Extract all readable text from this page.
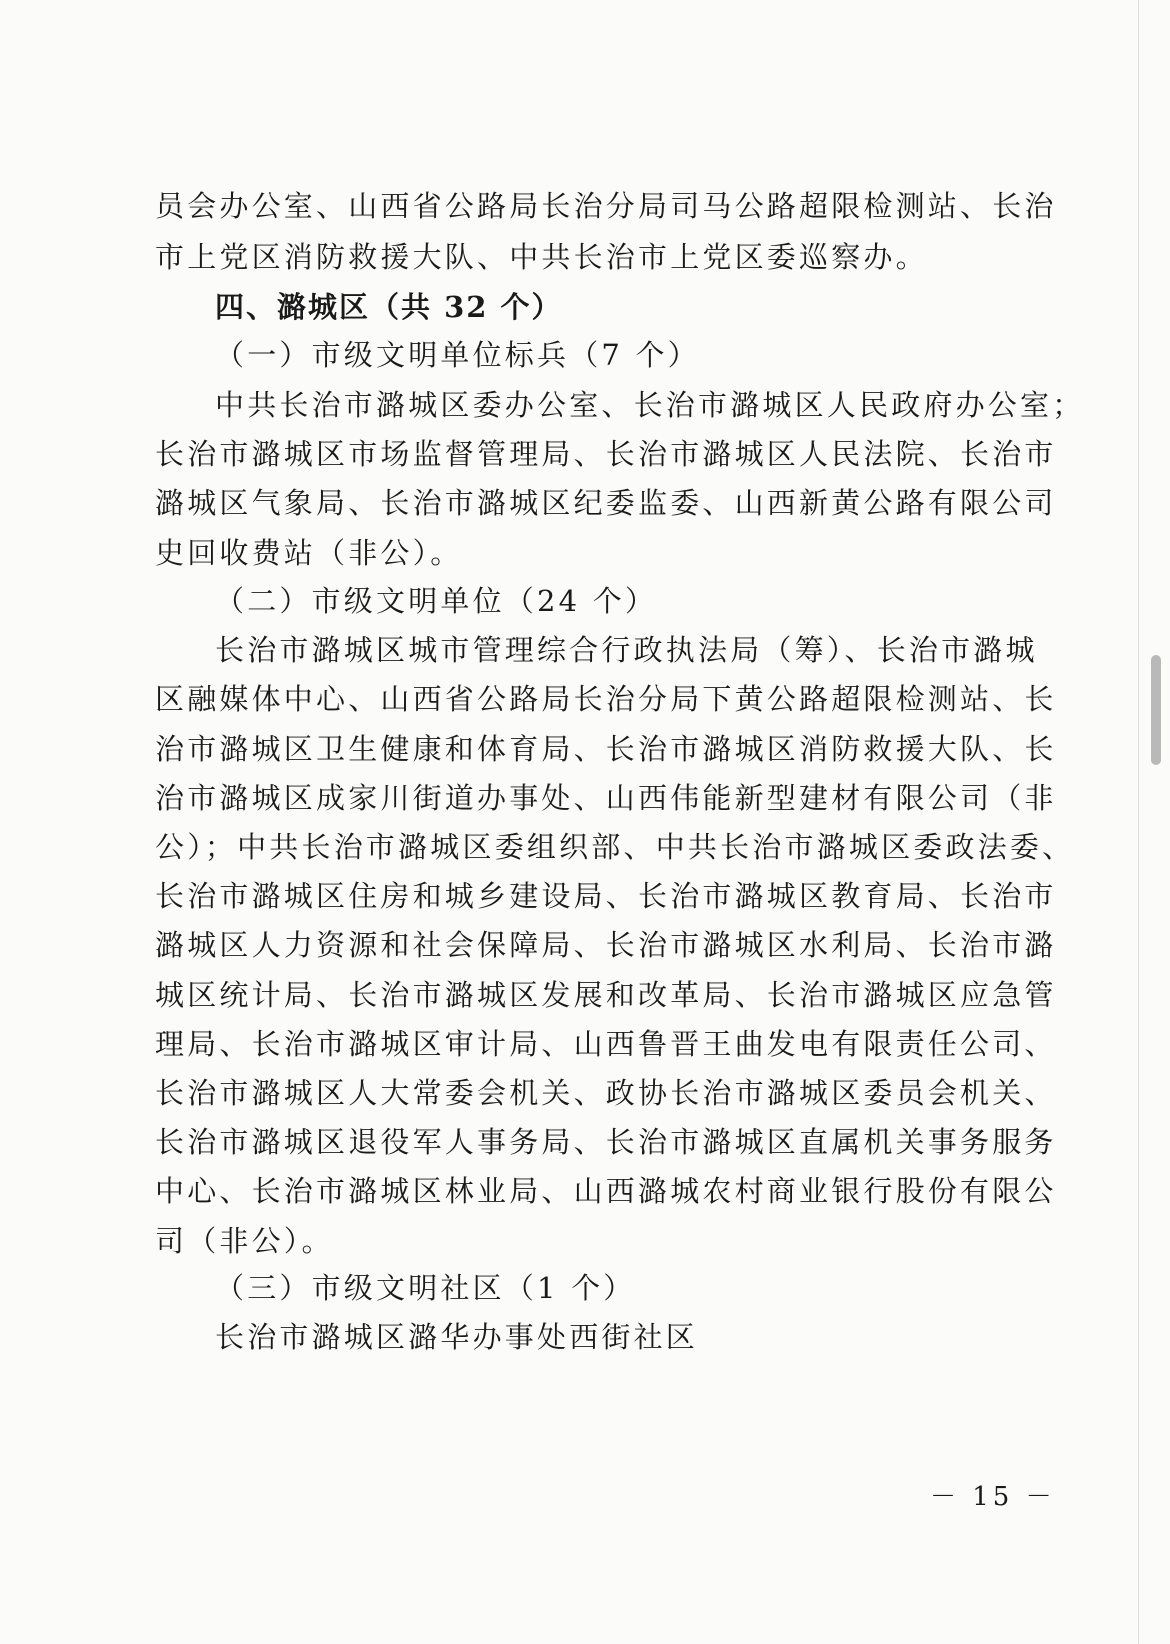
员会办公室、山西省公路局长治分局司马公路超限检测站、长治
市上党区消防救援大队、中共长治市上党区委巡察办。
四、潞城区（共 32 个）
（一）市级文明单位标兵（7 个）
中共长治市潞城区委办公室、长治市潞城区人民政府办公室；
长治市潞城区市场监督管理局、长治市潞城区人民法院、长治市
潞城区气象局、长治市潞城区纪委监委、山西新黄公路有限公司
史回收费站（非公）。
（二）市级文明单位（24 个）
长治市潞城区城市管理综合行政执法局（筹）、长治市潞城
区融媒体中心、山西省公路局长治分局下黄公路超限检测站、长
治市潞城区卫生健康和体育局、长治市潞城区消防救援大队、长
治市潞城区成家川街道办事处、山西伟能新型建材有限公司（非
公）；中共长治市潞城区委组织部、中共长治市潞城区委政法委、
长治市潞城区住房和城乡建设局、长治市潞城区教育局、长治市
潞城区人力资源和社会保障局、长治市潞城区水利局、长治市潞
城区统计局、长治市潞城区发展和改革局、长治市潞城区应急管
理局、长治市潞城区审计局、山西鲁晋王曲发电有限责任公司、
长治市潞城区人大常委会机关、政协长治市潞城区委员会机关、
长治市潞城区退役军人事务局、长治市潞城区直属机关事务服务
中心、长治市潞城区林业局、山西潞城农村商业银行股份有限公
司（非公）。
（三）市级文明社区（1 个）
长治市潞城区潞华办事处西街社区
－ 15 －
